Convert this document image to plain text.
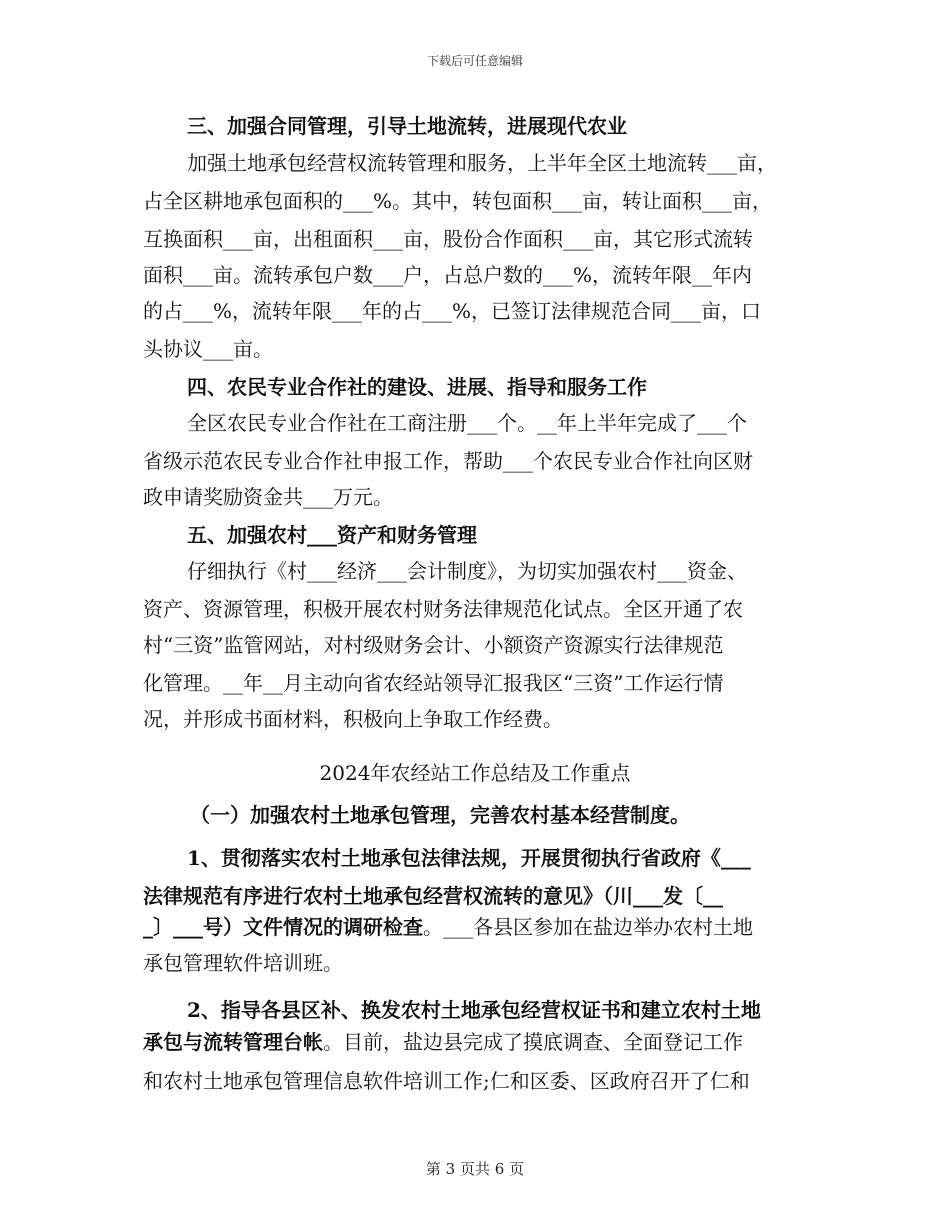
下载后可任意编辑
三、加强合同管理，引导土地流转，进展现代农业
加强土地承包经营权流转管理和服务，上半年全区土地流转___亩，
占全区耕地承包面积的___%。其中，转包面积___亩，转让面积___亩，
互换面积___亩，出租面积___亩，股份合作面积___亩，其它形式流转
面积___亩。流转承包户数___户，占总户数的___%，流转年限__年内
的占___%，流转年限___年的占___%，已签订法律规范合同___亩，口
头协议___亩。
四、农民专业合作社的建设、进展、指导和服务工作
全区农民专业合作社在工商注册___个。__年上半年完成了___个
省级示范农民专业合作社申报工作，帮助___个农民专业合作社向区财
政申请奖励资金共___万元。
五、加强农村___资产和财务管理
仔细执行《村___经济___会计制度》，为切实加强农村___资金、
资产、资源管理，积极开展农村财务法律规范化试点。全区开通了农
村“三资”监管网站，对村级财务会计、小额资产资源实行法律规范
化管理。__年__月主动向省农经站领导汇报我区“三资”工作运行情
况，并形成书面材料，积极向上争取工作经费。
2024年农经站工作总结及工作重点
（一）加强农村土地承包管理，完善农村基本经营制度。
1、贯彻落实农村土地承包法律法规，开展贯彻执行省政府《___
法律规范有序进行农村土地承包经营权流转的意见》（川___发〔__
_〕___号）文件情况的调研检查。___各县区参加在盐边举办农村土地
承包管理软件培训班。
2、指导各县区补、换发农村土地承包经营权证书和建立农村土地
承包与流转管理台帐。目前，盐边县完成了摸底调查、全面登记工作
和农村土地承包管理信息软件培训工作;仁和区委、区政府召开了仁和
第 3 页共 6 页
